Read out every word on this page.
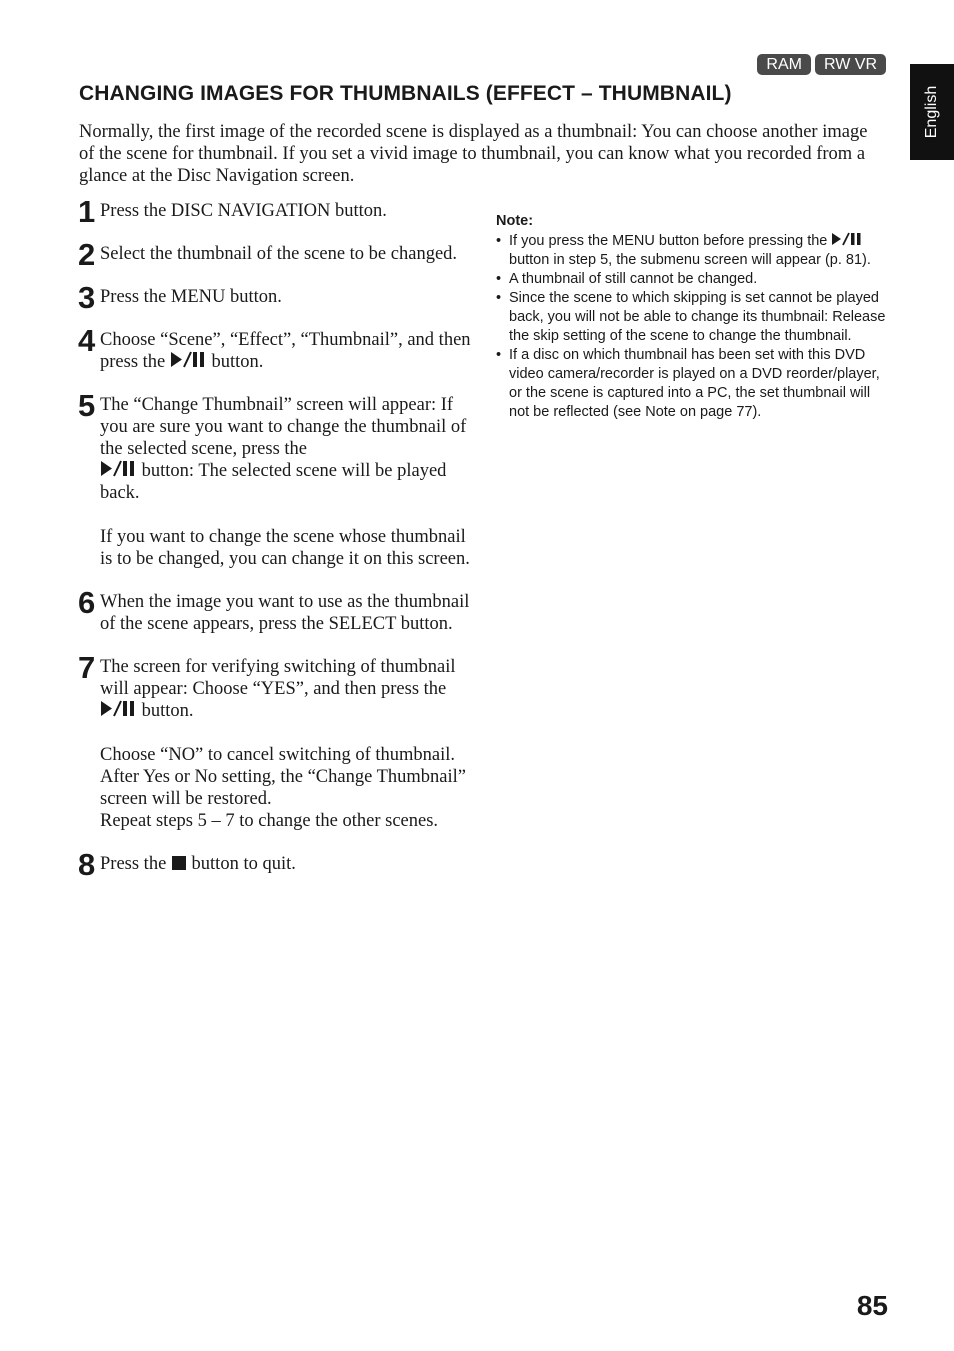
RAM	RW VR
English
CHANGING IMAGES FOR THUMBNAILS (EFFECT – THUMBNAIL)

Normally, the first image of the recorded scene is displayed as a thumbnail: You can choose another image of the scene for thumbnail. If you set a vivid image to thumbnail, you can know what you recorded from a glance at the Disc Navigation screen.

1 Press the DISC NAVIGATION button.

2 Select the thumbnail of the scene to be changed.

3 Press the MENU button.

4 Choose “Scene”, “Effect”, “Thumbnail”, and then press the	button.

5 The “Change Thumbnail” screen will appear: If you are sure you want to change the thumbnail of the selected scene, press the
button: The selected scene will be played back.

If you want to change the scene whose thumbnail is to be changed, you can change it on this screen.

6 When the image you want to use as the thumbnail of the scene appears, press the SELECT button.

7 The screen for verifying switching of thumbnail will appear: Choose “YES”, and then press the  button.

Choose “NO” to cancel switching of thumbnail.

After Yes or No setting, the “Change Thumbnail” screen will be restored.

Repeat steps 5 – 7 to change the other scenes.

8 Press the button to quit.

Note:

• If you press the MENU button before pressing the  button in step 5, the submenu screen will appear (p. 81).
• A thumbnail of still cannot be changed.
• Since the scene to which skipping is set cannot be played back, you will not be able to change its thumbnail: Release the skip setting of the scene to change the thumbnail.
• If a disc on which thumbnail has been set with this DVD video camera/recorder is played on a DVD reorder/player, or the scene is captured into a PC, the set thumbnail will not be reflected (see Note on page 77).
85
